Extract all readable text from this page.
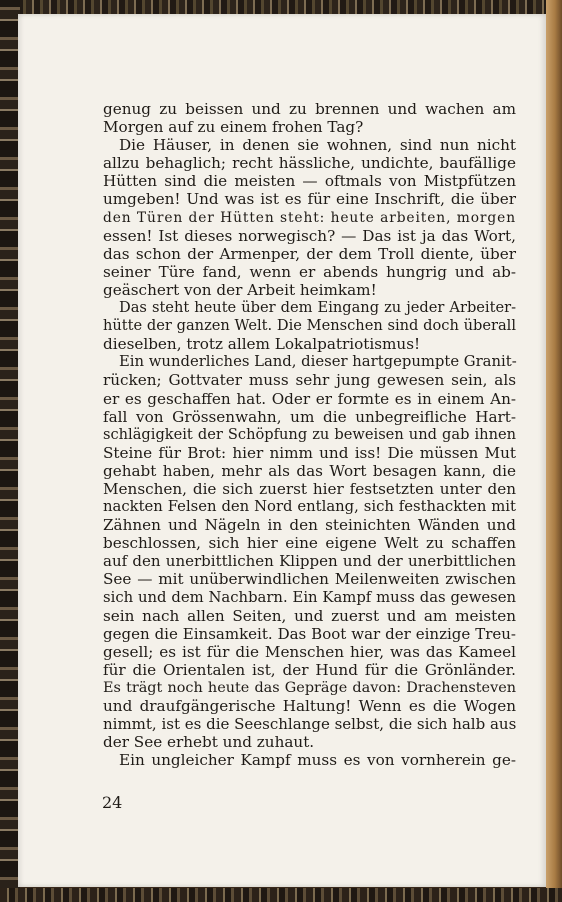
genug zu beissen und zu brennen und wachen am
Morgen auf zu einem frohen Tag?
Die Häuser, in denen sie wohnen, sind nun nicht
allzu behaglich; recht hässliche, undichte, baufällige
Hütten sind die meisten — oftmals von Mistpfützen
umgeben! Und was ist es für eine Inschrift, die über
den Türen der Hütten steht: heute arbeiten, morgen
essen! Ist dieses norwegisch? — Das ist ja das Wort,
das schon der Armenper, der dem Troll diente, über
seiner Türe fand, wenn er abends hungrig und ab-
geäschert von der Arbeit heimkam!
Das steht heute über dem Eingang zu jeder Arbeiter-
hütte der ganzen Welt. Die Menschen sind doch überall
dieselben, trotz allem Lokalpatriotismus!
Ein wunderliches Land, dieser hartgepumpte Granit-
rücken; Gottvater muss sehr jung gewesen sein, als
er es geschaffen hat. Oder er formte es in einem An-
fall von Grössenwahn, um die unbegreifliche Hart-
schlägigkeit der Schöpfung zu beweisen und gab ihnen
Steine für Brot: hier nimm und iss! Die müssen Mut
gehabt haben, mehr als das Wort besagen kann, die
Menschen, die sich zuerst hier festsetzten unter den
nackten Felsen den Nord entlang, sich festhackten mit
Zähnen und Nägeln in den steinichten Wänden und
beschlossen, sich hier eine eigene Welt zu schaffen
auf den unerbittlichen Klippen und der unerbittlichen
See — mit unüberwindlichen Meilenweiten zwischen
sich und dem Nachbarn. Ein Kampf muss das gewesen
sein nach allen Seiten, und zuerst und am meisten
gegen die Einsamkeit. Das Boot war der einzige Treu-
gesell; es ist für die Menschen hier, was das Kameel
für die Orientalen ist, der Hund für die Grönländer.
Es trägt noch heute das Gepräge davon: Drachensteven
und draufgängerische Haltung! Wenn es die Wogen
nimmt, ist es die Seeschlange selbst, die sich halb aus
der See erhebt und zuhaut.
Ein ungleicher Kampf muss es von vornherein ge-
24
